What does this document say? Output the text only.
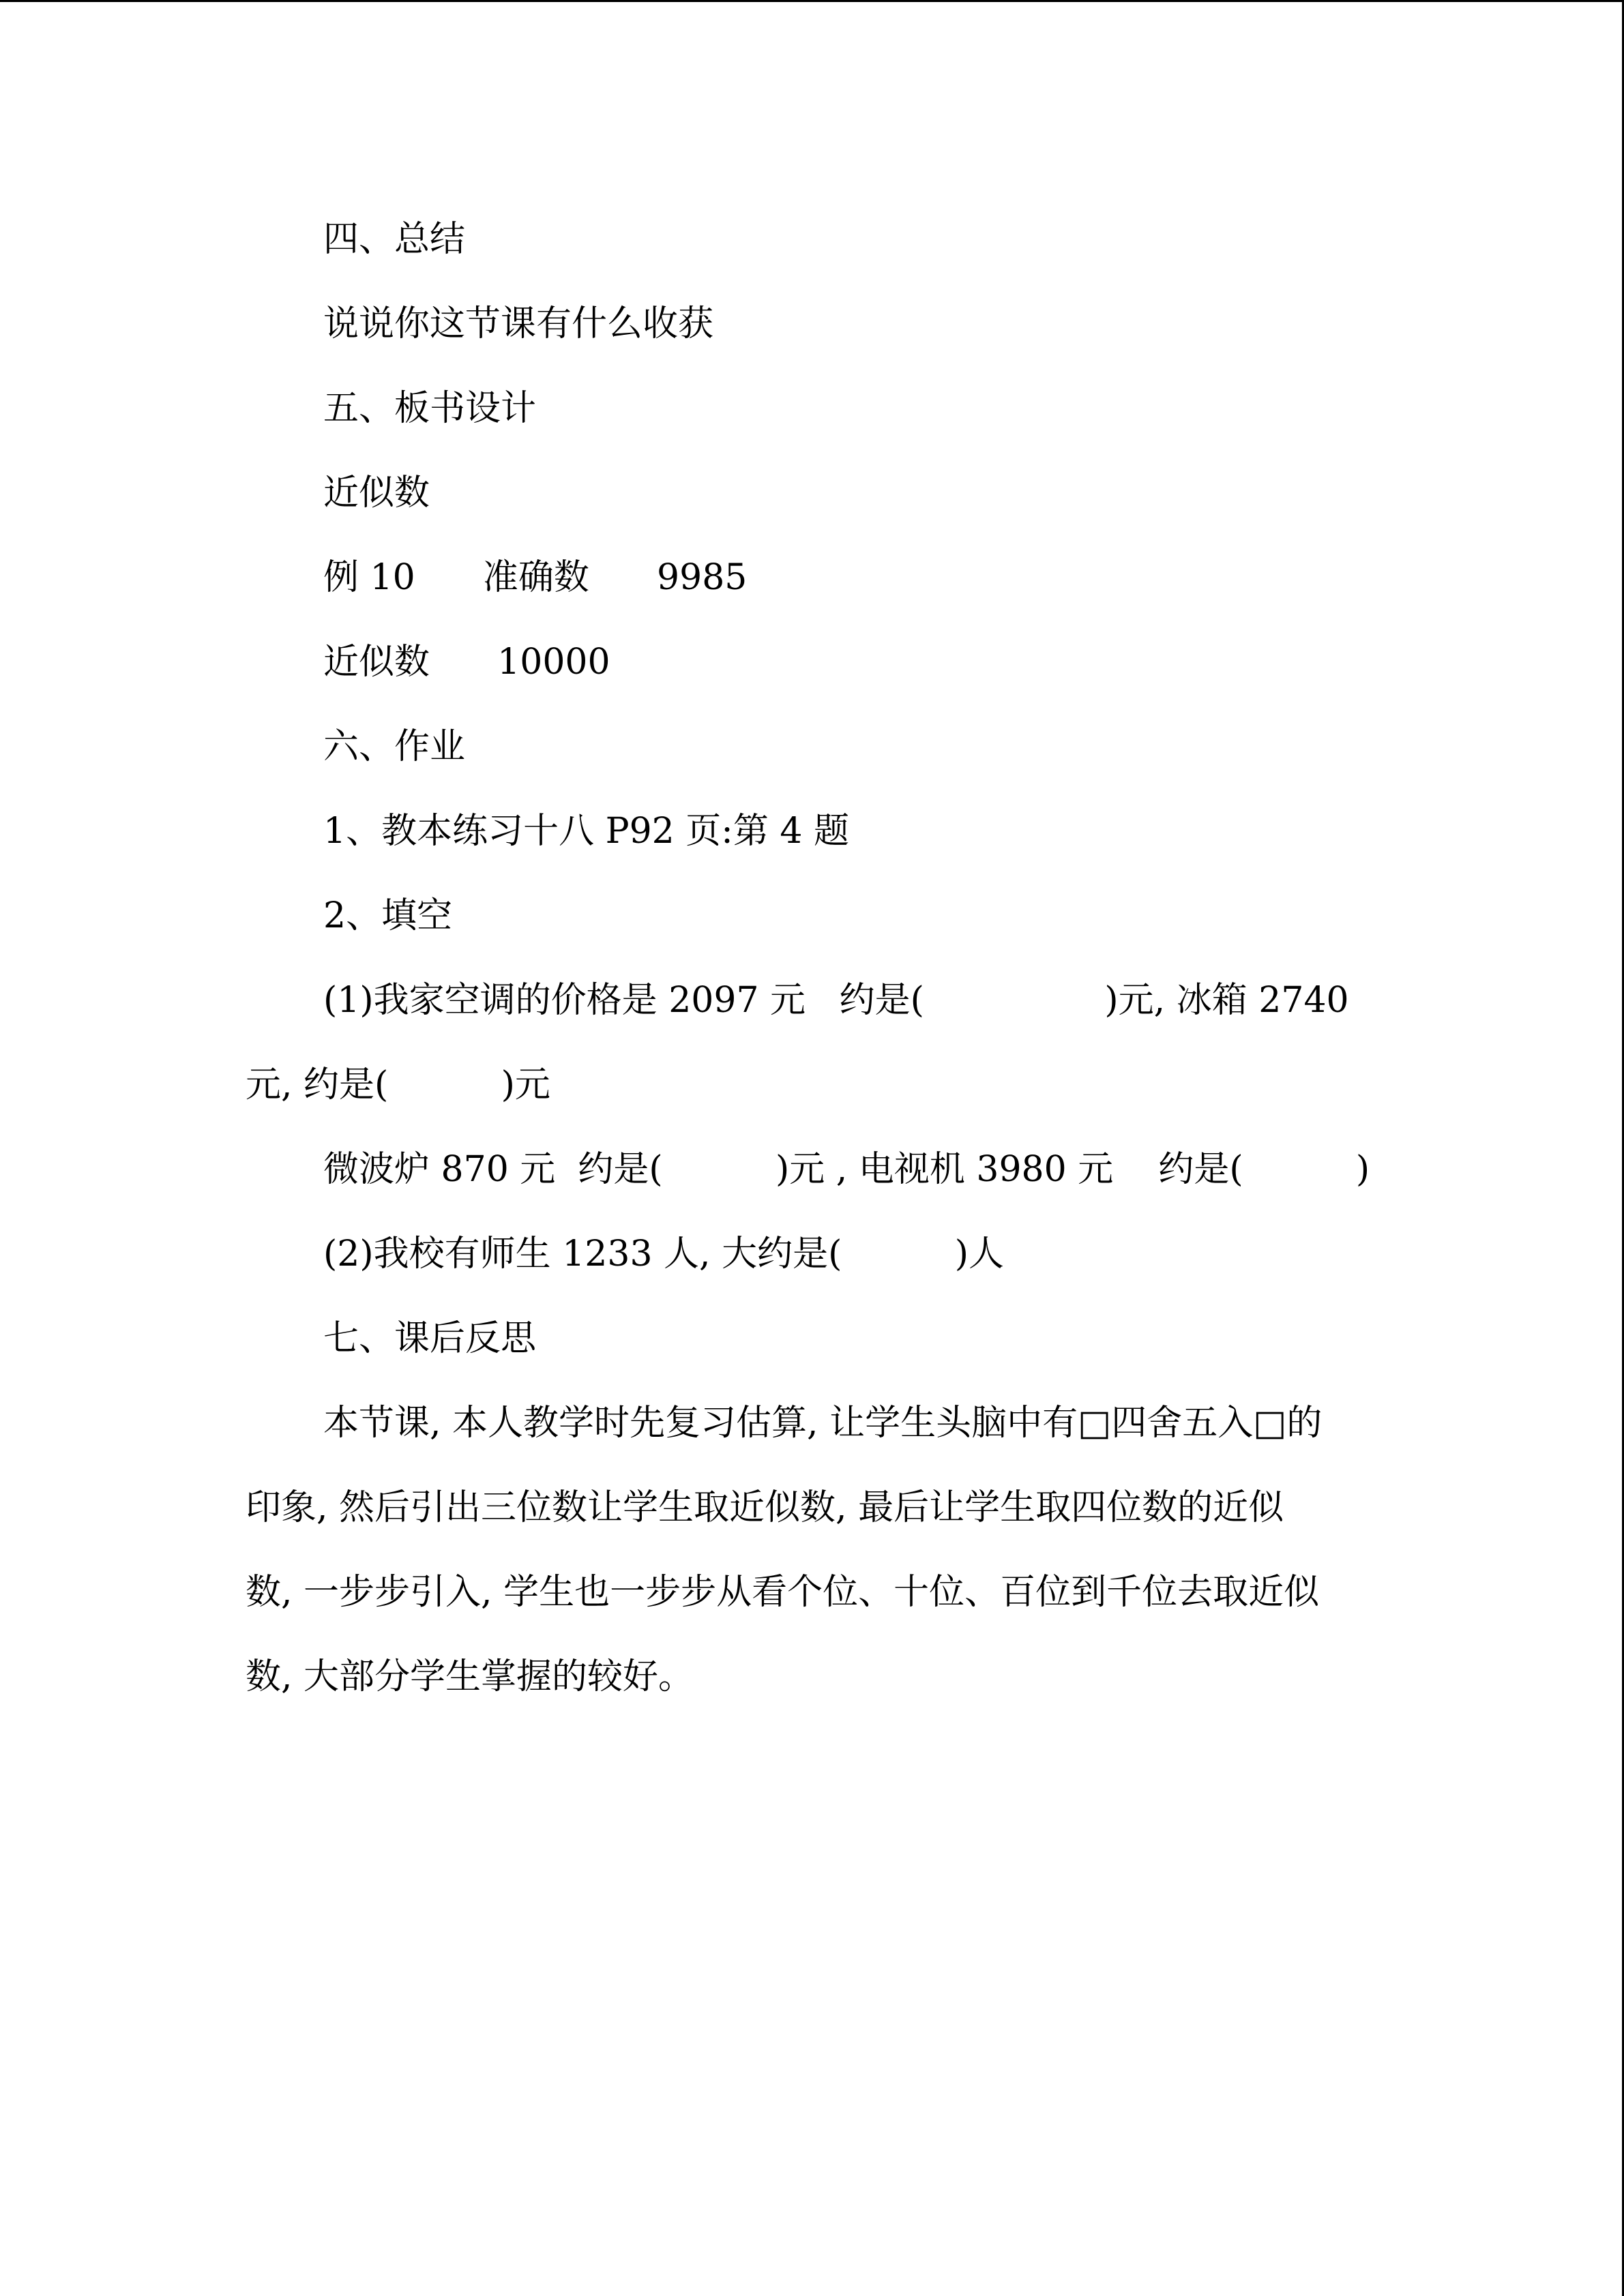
四、总结
说说你这节课有什么收获
五、板书设计
近似数
例 10      准确数      9985
近似数      10000
六、作业
1、教本练习十八 P92 页:第 4 题
2、填空
(1)我家空调的价格是 2097 元   约是(                )元, 冰箱 2740
元, 约是(          )元
微波炉 870 元  约是(          )元 , 电视机 3980 元    约是(          )
(2)我校有师生 1233 人, 大约是(          )人
七、课后反思
本节课, 本人教学时先复习估算, 让学生头脑中有□四舍五入□的
印象, 然后引出三位数让学生取近似数, 最后让学生取四位数的近似
数, 一步步引入, 学生也一步步从看个位、十位、百位到千位去取近似
数, 大部分学生掌握的较好。
